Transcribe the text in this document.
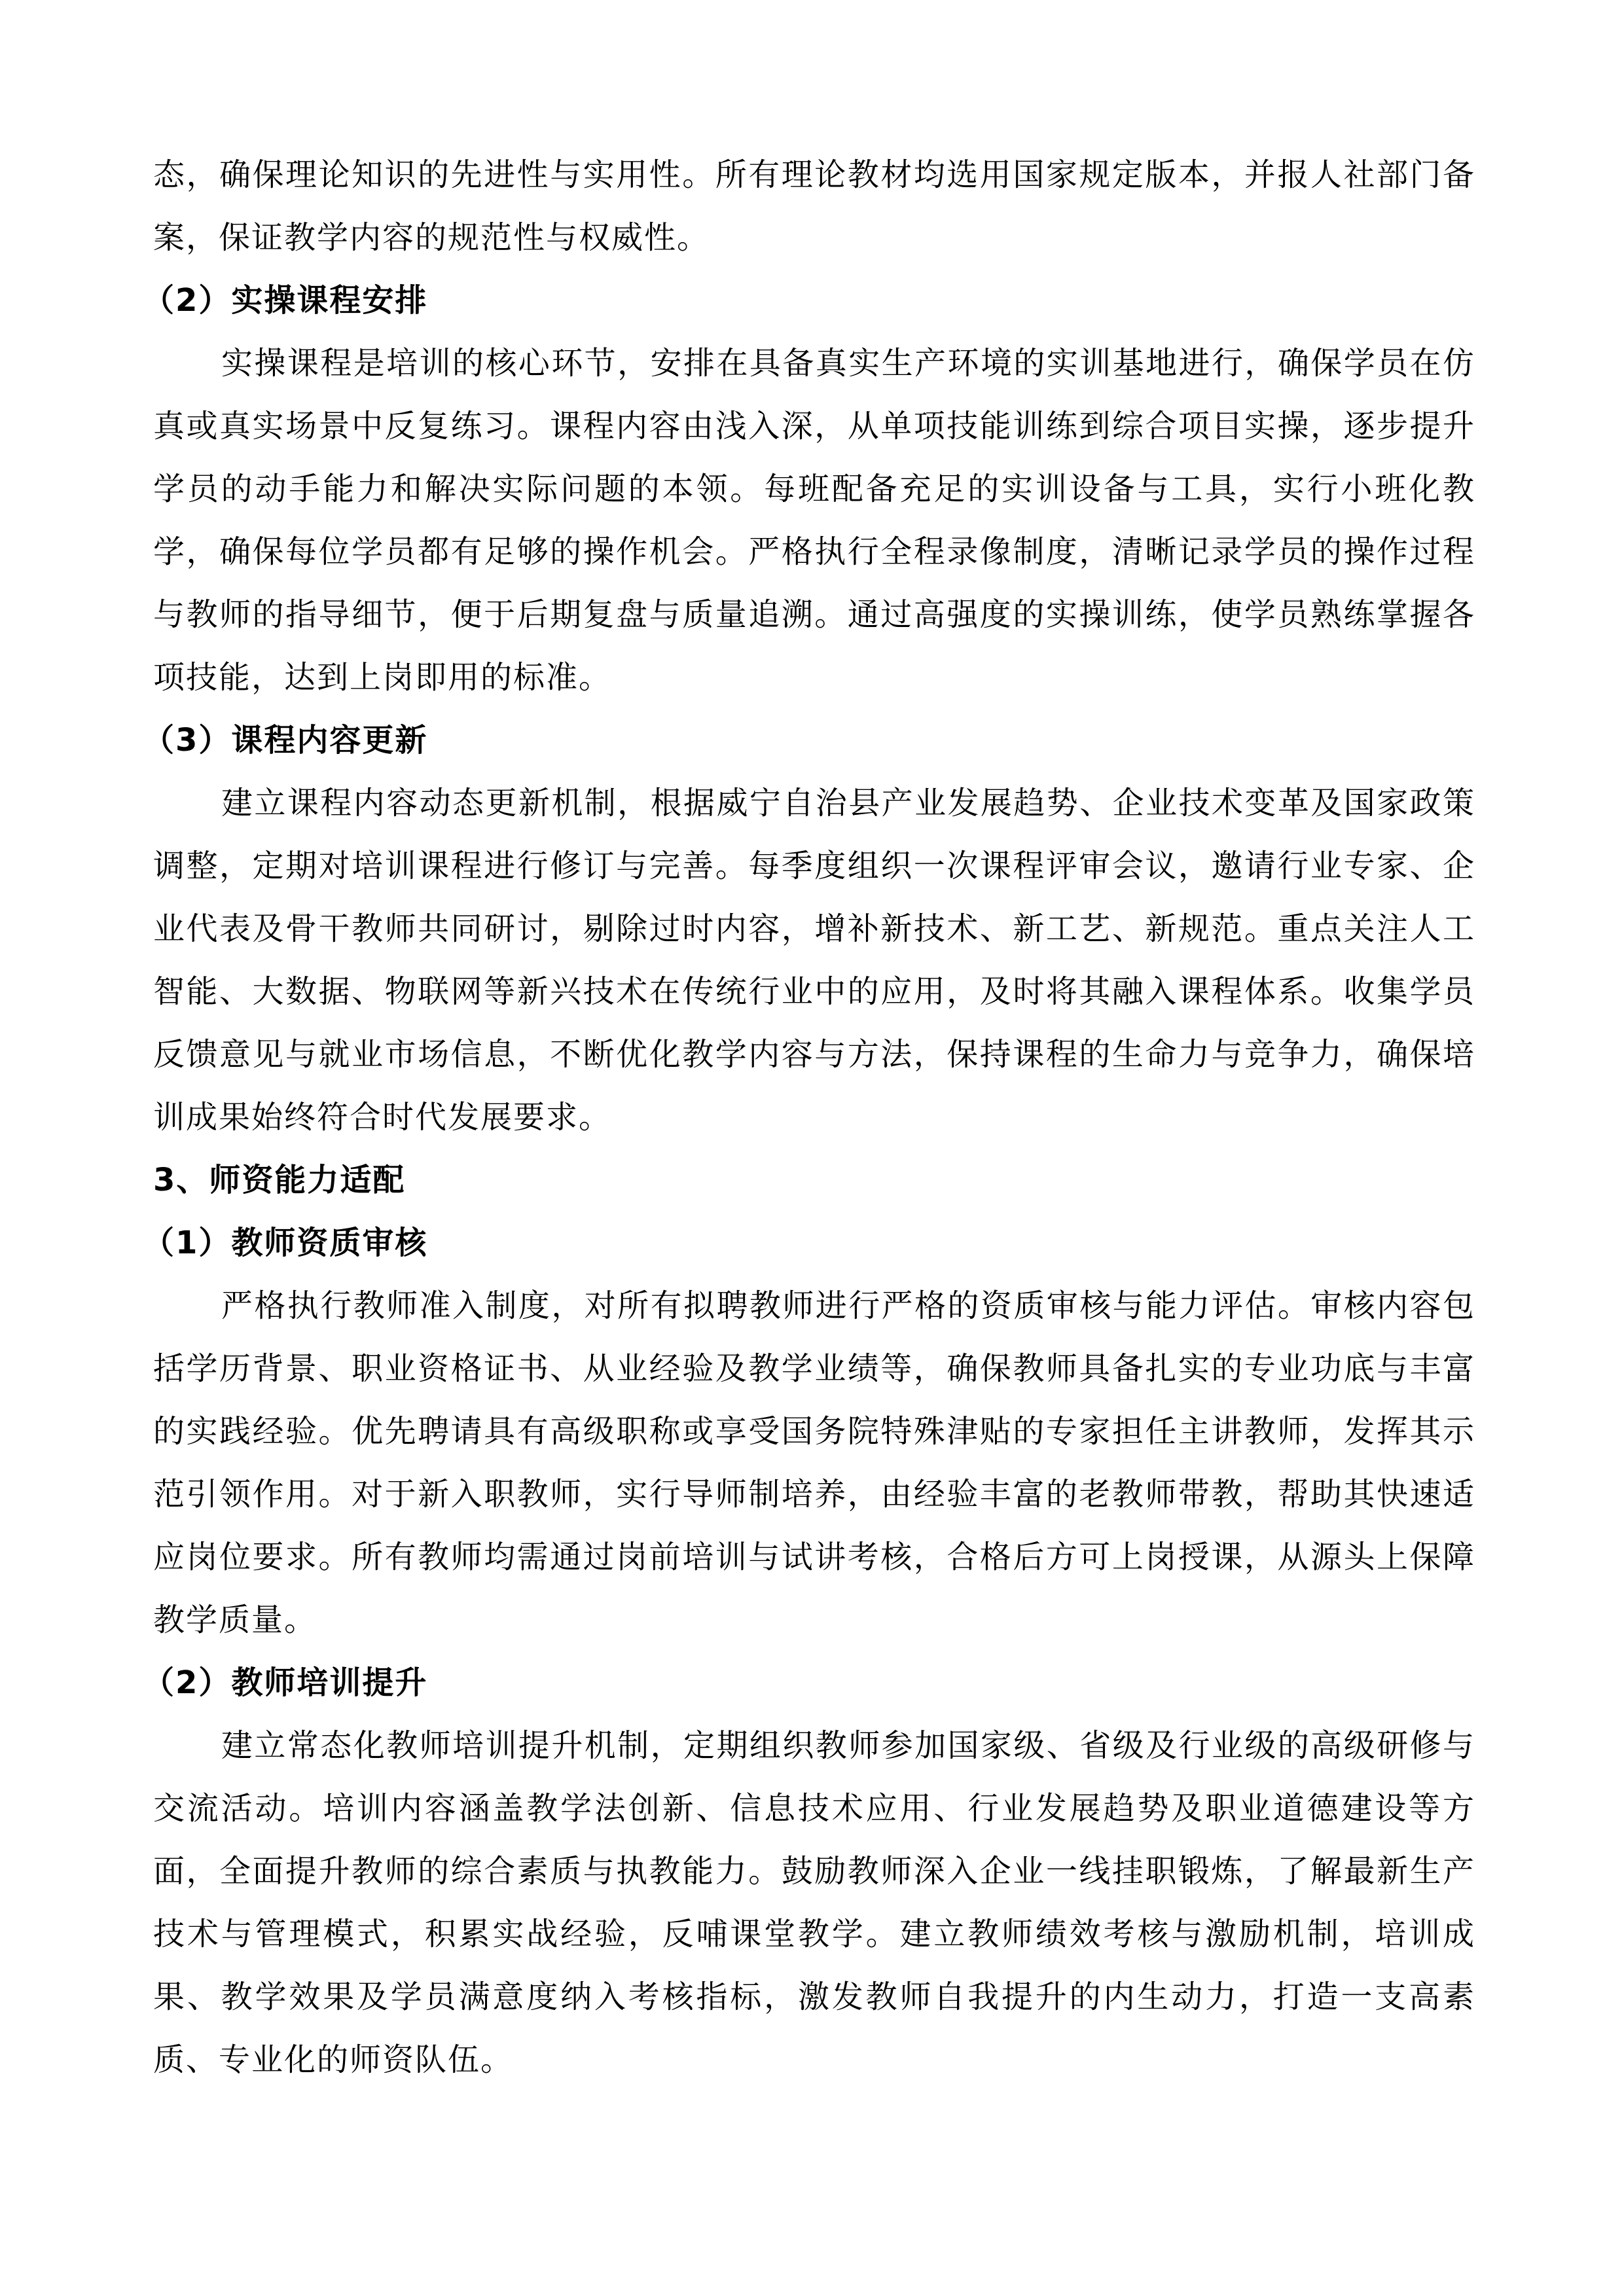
态，确保理论知识的先进性与实用性。所有理论教材均选用国家规定版本，并报人社部门备案，保证教学内容的规范性与权威性。

（2）实操课程安排

实操课程是培训的核心环节，安排在具备真实生产环境的实训基地进行，确保学员在仿真或真实场景中反复练习。课程内容由浅入深，从单项技能训练到综合项目实操，逐步提升学员的动手能力和解决实际问题的本领。每班配备充足的实训设备与工具，实行小班化教学，确保每位学员都有足够的操作机会。严格执行全程录像制度，清晰记录学员的操作过程与教师的指导细节，便于后期复盘与质量追溯。通过高强度的实操训练，使学员熟练掌握各项技能，达到上岗即用的标准。

（3）课程内容更新

建立课程内容动态更新机制，根据威宁自治县产业发展趋势、企业技术变革及国家政策调整，定期对培训课程进行修订与完善。每季度组织一次课程评审会议，邀请行业专家、企业代表及骨干教师共同研讨，剔除过时内容，增补新技术、新工艺、新规范。重点关注人工智能、大数据、物联网等新兴技术在传统行业中的应用，及时将其融入课程体系。收集学员反馈意见与就业市场信息，不断优化教学内容与方法，保持课程的生命力与竞争力，确保培训成果始终符合时代发展要求。

3、师资能力适配

（1）教师资质审核

严格执行教师准入制度，对所有拟聘教师进行严格的资质审核与能力评估。审核内容包括学历背景、职业资格证书、从业经验及教学业绩等，确保教师具备扎实的专业功底与丰富的实践经验。优先聘请具有高级职称或享受国务院特殊津贴的专家担任主讲教师，发挥其示范引领作用。对于新入职教师，实行导师制培养，由经验丰富的老教师带教，帮助其快速适应岗位要求。所有教师均需通过岗前培训与试讲考核，合格后方可上岗授课，从源头上保障教学质量。

（2）教师培训提升

建立常态化教师培训提升机制，定期组织教师参加国家级、省级及行业级的高级研修与交流活动。培训内容涵盖教学法创新、信息技术应用、行业发展趋势及职业道德建设等方面，全面提升教师的综合素质与执教能力。鼓励教师深入企业一线挂职锻炼，了解最新生产技术与管理模式，积累实战经验，反哺课堂教学。建立教师绩效考核与激励机制，培训成果、教学效果及学员满意度纳入考核指标，激发教师自我提升的内生动力，打造一支高素质、专业化的师资队伍。
